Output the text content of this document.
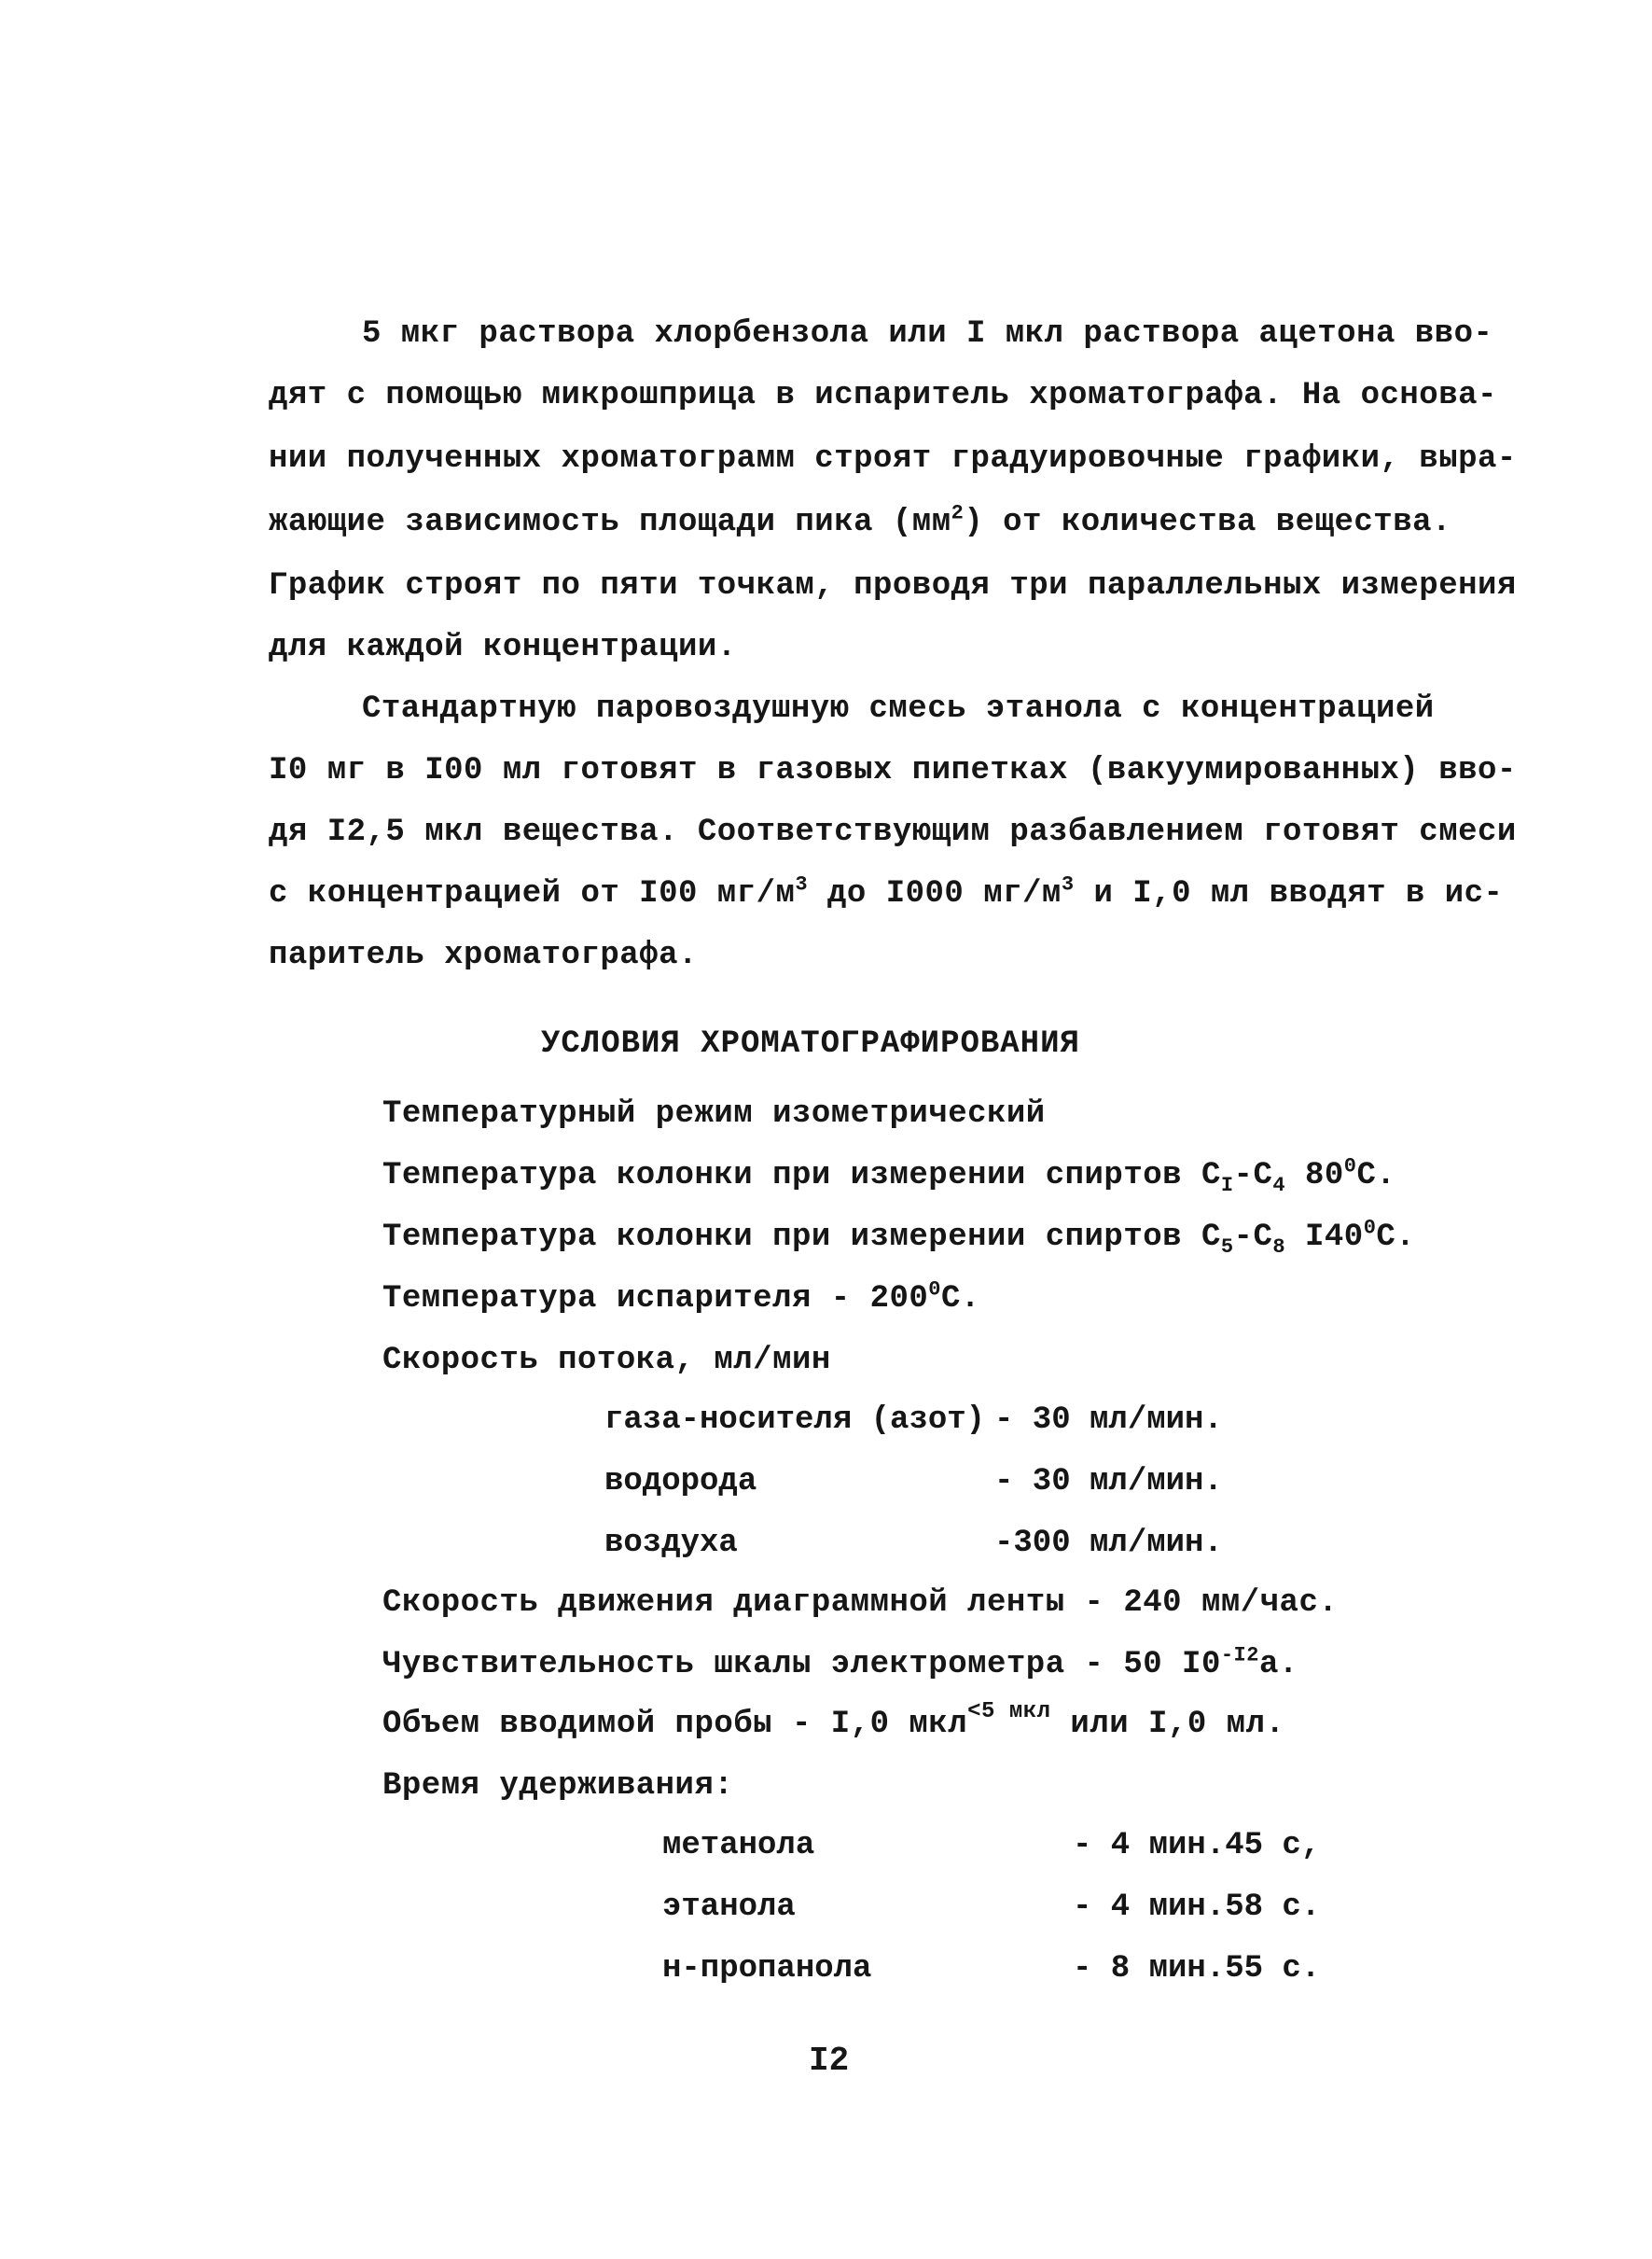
5 мкг раствора хлорбензола или I мкл раствора ацетона вво-
дят с помощью микрошприца в испаритель хроматографа. На основа-
нии полученных хроматограмм строят градуировочные графики, выра-
жающие зависимость площади пика $(мм^2)$ от количества вещества.
График строят по пяти точкам, проводя три параллельных измерения
для каждой концентрации.
Стандартную паровоздушную смесь этанола с концентрацией
I0 мг в I00 мл готовят в газовых пипетках (вакуумированных) вво-
дя I2,5 мкл вещества. Соответствующим разбавлением готовят смеси
с концентрацией от I00 $мг/м^3$ до I000 $мг/м^3$ и I,0 мл вводят в ис-
паритель хроматографа.
УСЛОВИЯ ХРОМАТОГРАФИРОВАНИЯ
Температурный режим изометрический
Температура колонки при измерении спиртов $С_I-С_4$ $80^0С$.
Температура колонки при измерении спиртов $С_5-С_8$ $I40^0С$.
Температура испарителя - $200^0С$.
Скорость потока, мл/мин
газа-носителя (азот) - 30 мл/мин.
водорода	- 30 мл/мин.
воздуха	-300 мл/мин.
Скорость движения диаграммной ленты - 240 мм/час.
Чувствительность шкалы электрометра - 50 $I0^{-I2}а$.
Объем вводимой пробы - I,0 мкл$^{<5 мкл}$ или I,0 мл.
Время удерживания:
метанола	- 4 мин.45 с,
этанола	- 4 мин.58 с.
н-пропанола	- 8 мин.55 с.
I2
